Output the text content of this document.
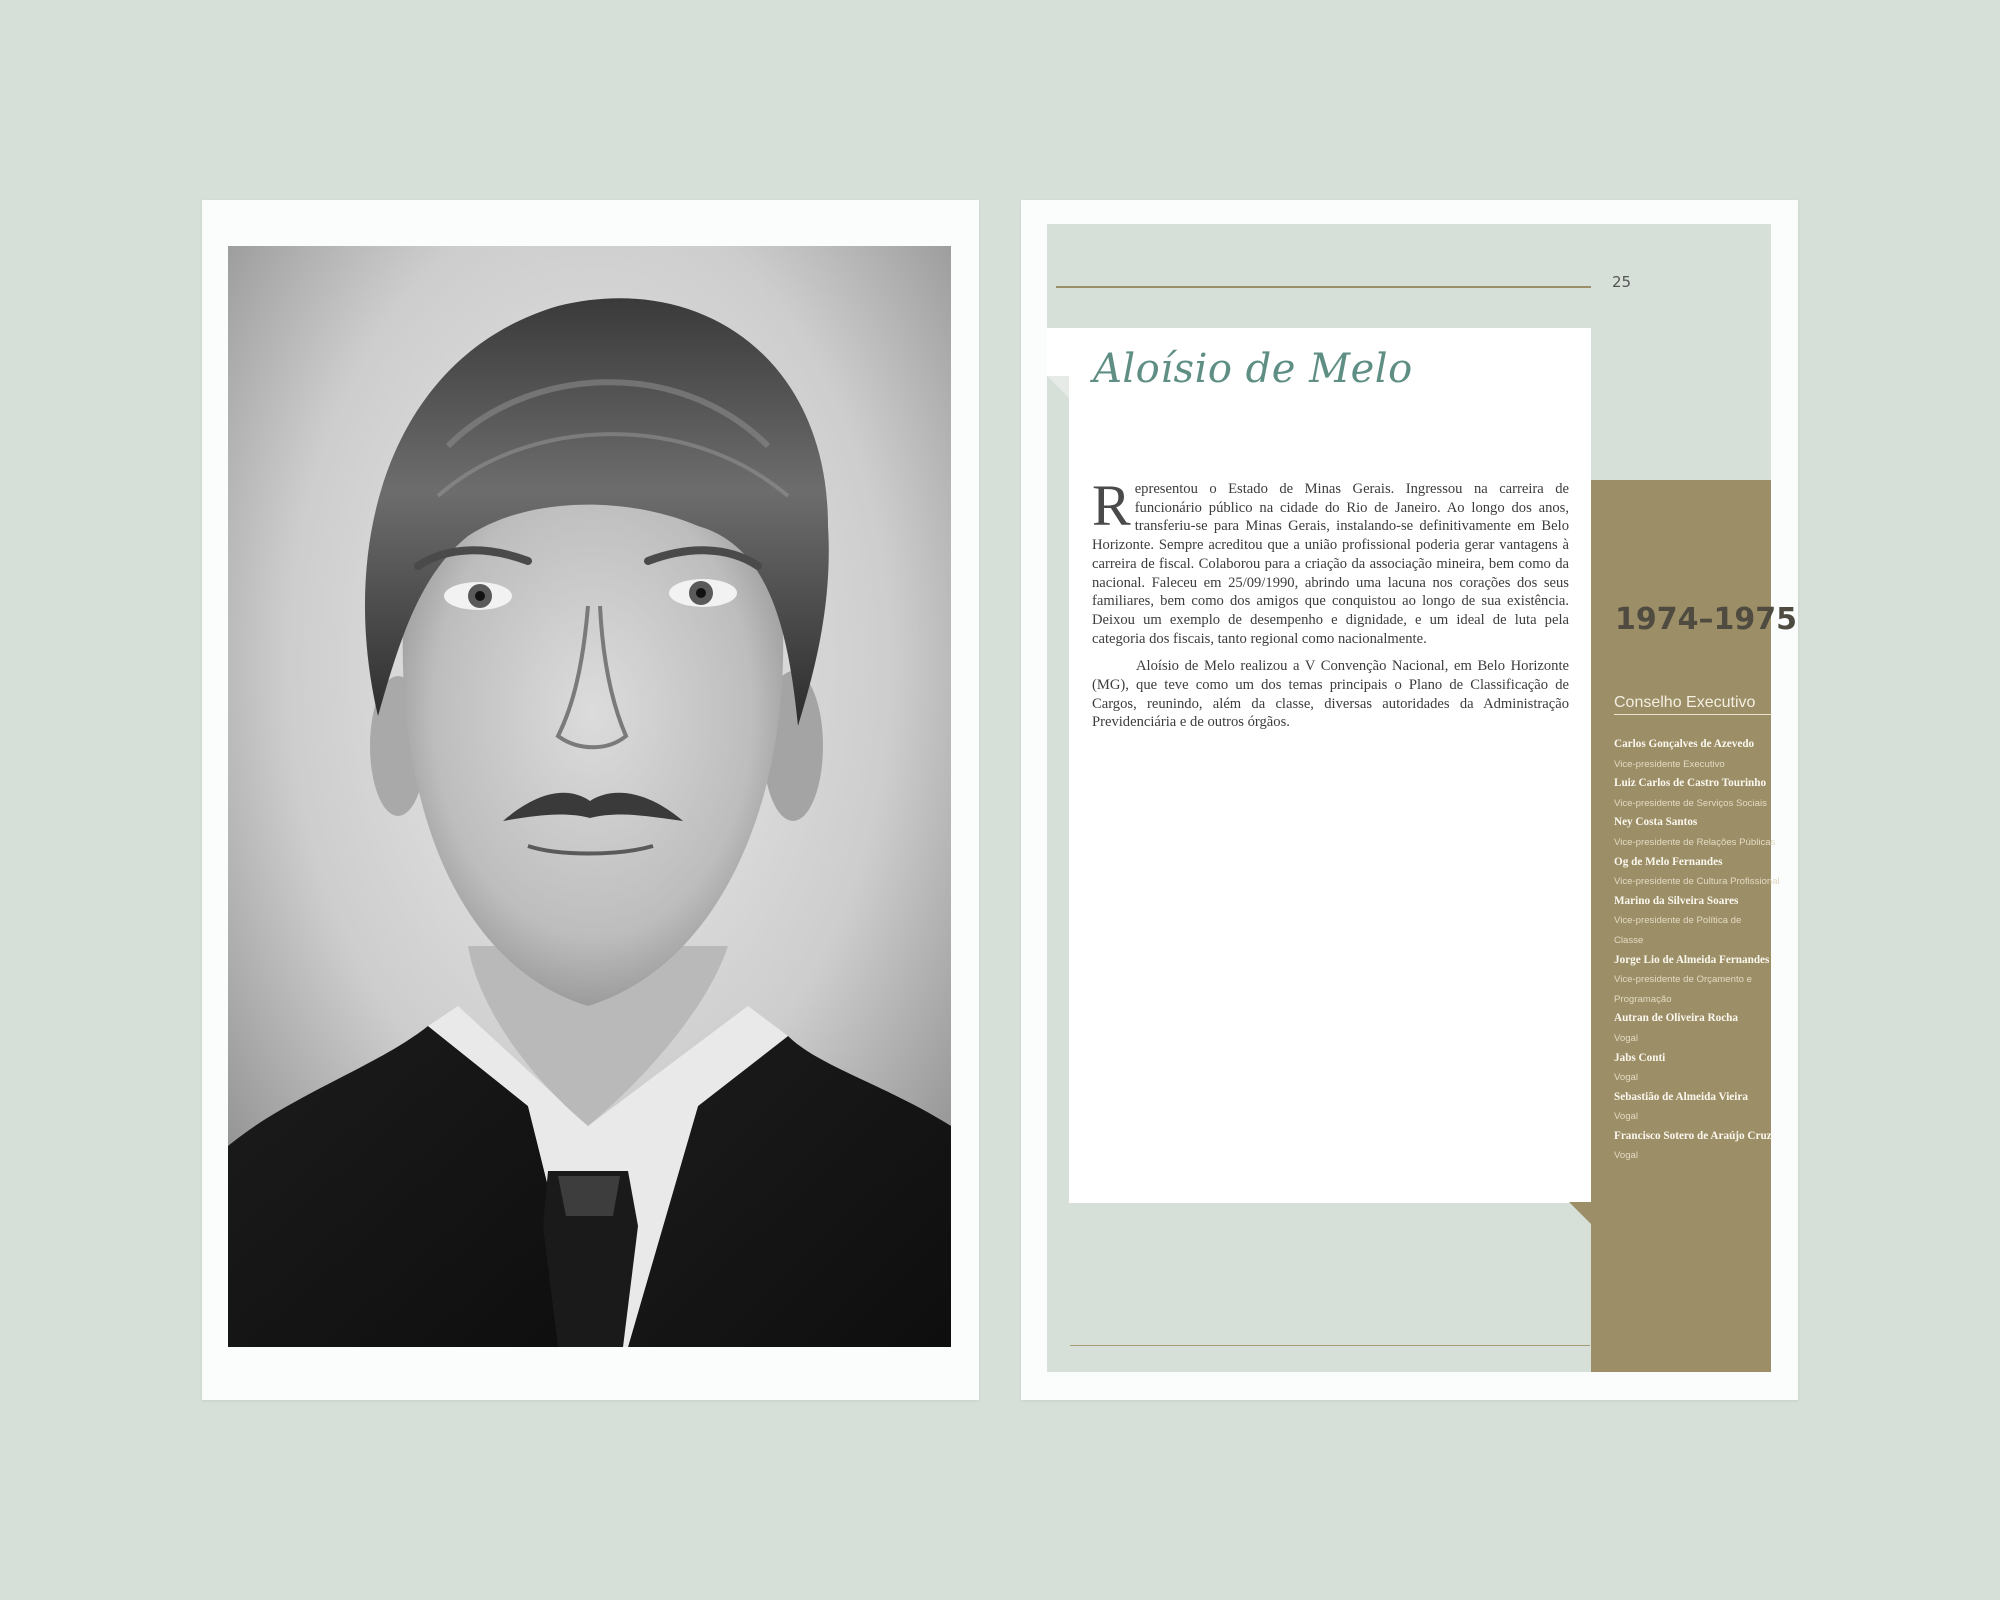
25
Aloísio de Melo

Representou o Estado de Minas Gerais. Ingressou na carreira de funcionário público na cidade do Rio de Janeiro. Ao longo dos anos, transferiu-se para Minas Gerais, instalando-se definitivamente em Belo Horizonte. Sempre acreditou que a união profissional poderia gerar vantagens à carreira de fiscal. Colaborou para a criação da associação mineira, bem como da nacional. Faleceu em 25/09/1990, abrindo uma lacuna nos corações dos seus familiares, bem como dos amigos que conquistou ao longo de sua existência. Deixou um exemplo de desempenho e dignidade, e um ideal de luta pela categoria dos fiscais, tanto regional como nacionalmente.

Aloísio de Melo realizou a V Convenção Nacional, em Belo Horizonte (MG), que teve como um dos temas principais o Plano de Classificação de Cargos, reunindo, além da classe, diversas autoridades da Administração Previdenciária e de outros órgãos.

1974–1975
Conselho Executivo
Carlos Gonçalves de Azevedo
Vice-presidente Executivo
Luiz Carlos de Castro Tourinho
Vice-presidente de Serviços Sociais
Ney Costa Santos
Vice-presidente de Relações Públicas
Og de Melo Fernandes
Vice-presidente de Cultura Profissional
Marino da Silveira Soares
Vice-presidente de Política de Classe
Jorge Lio de Almeida Fernandes
Vice-presidente de Orçamento e Programação
Autran de Oliveira Rocha
Vogal
Jabs Conti
Vogal
Sebastião de Almeida Vieira
Vogal
Francisco Sotero de Araújo Cruz
Vogal
